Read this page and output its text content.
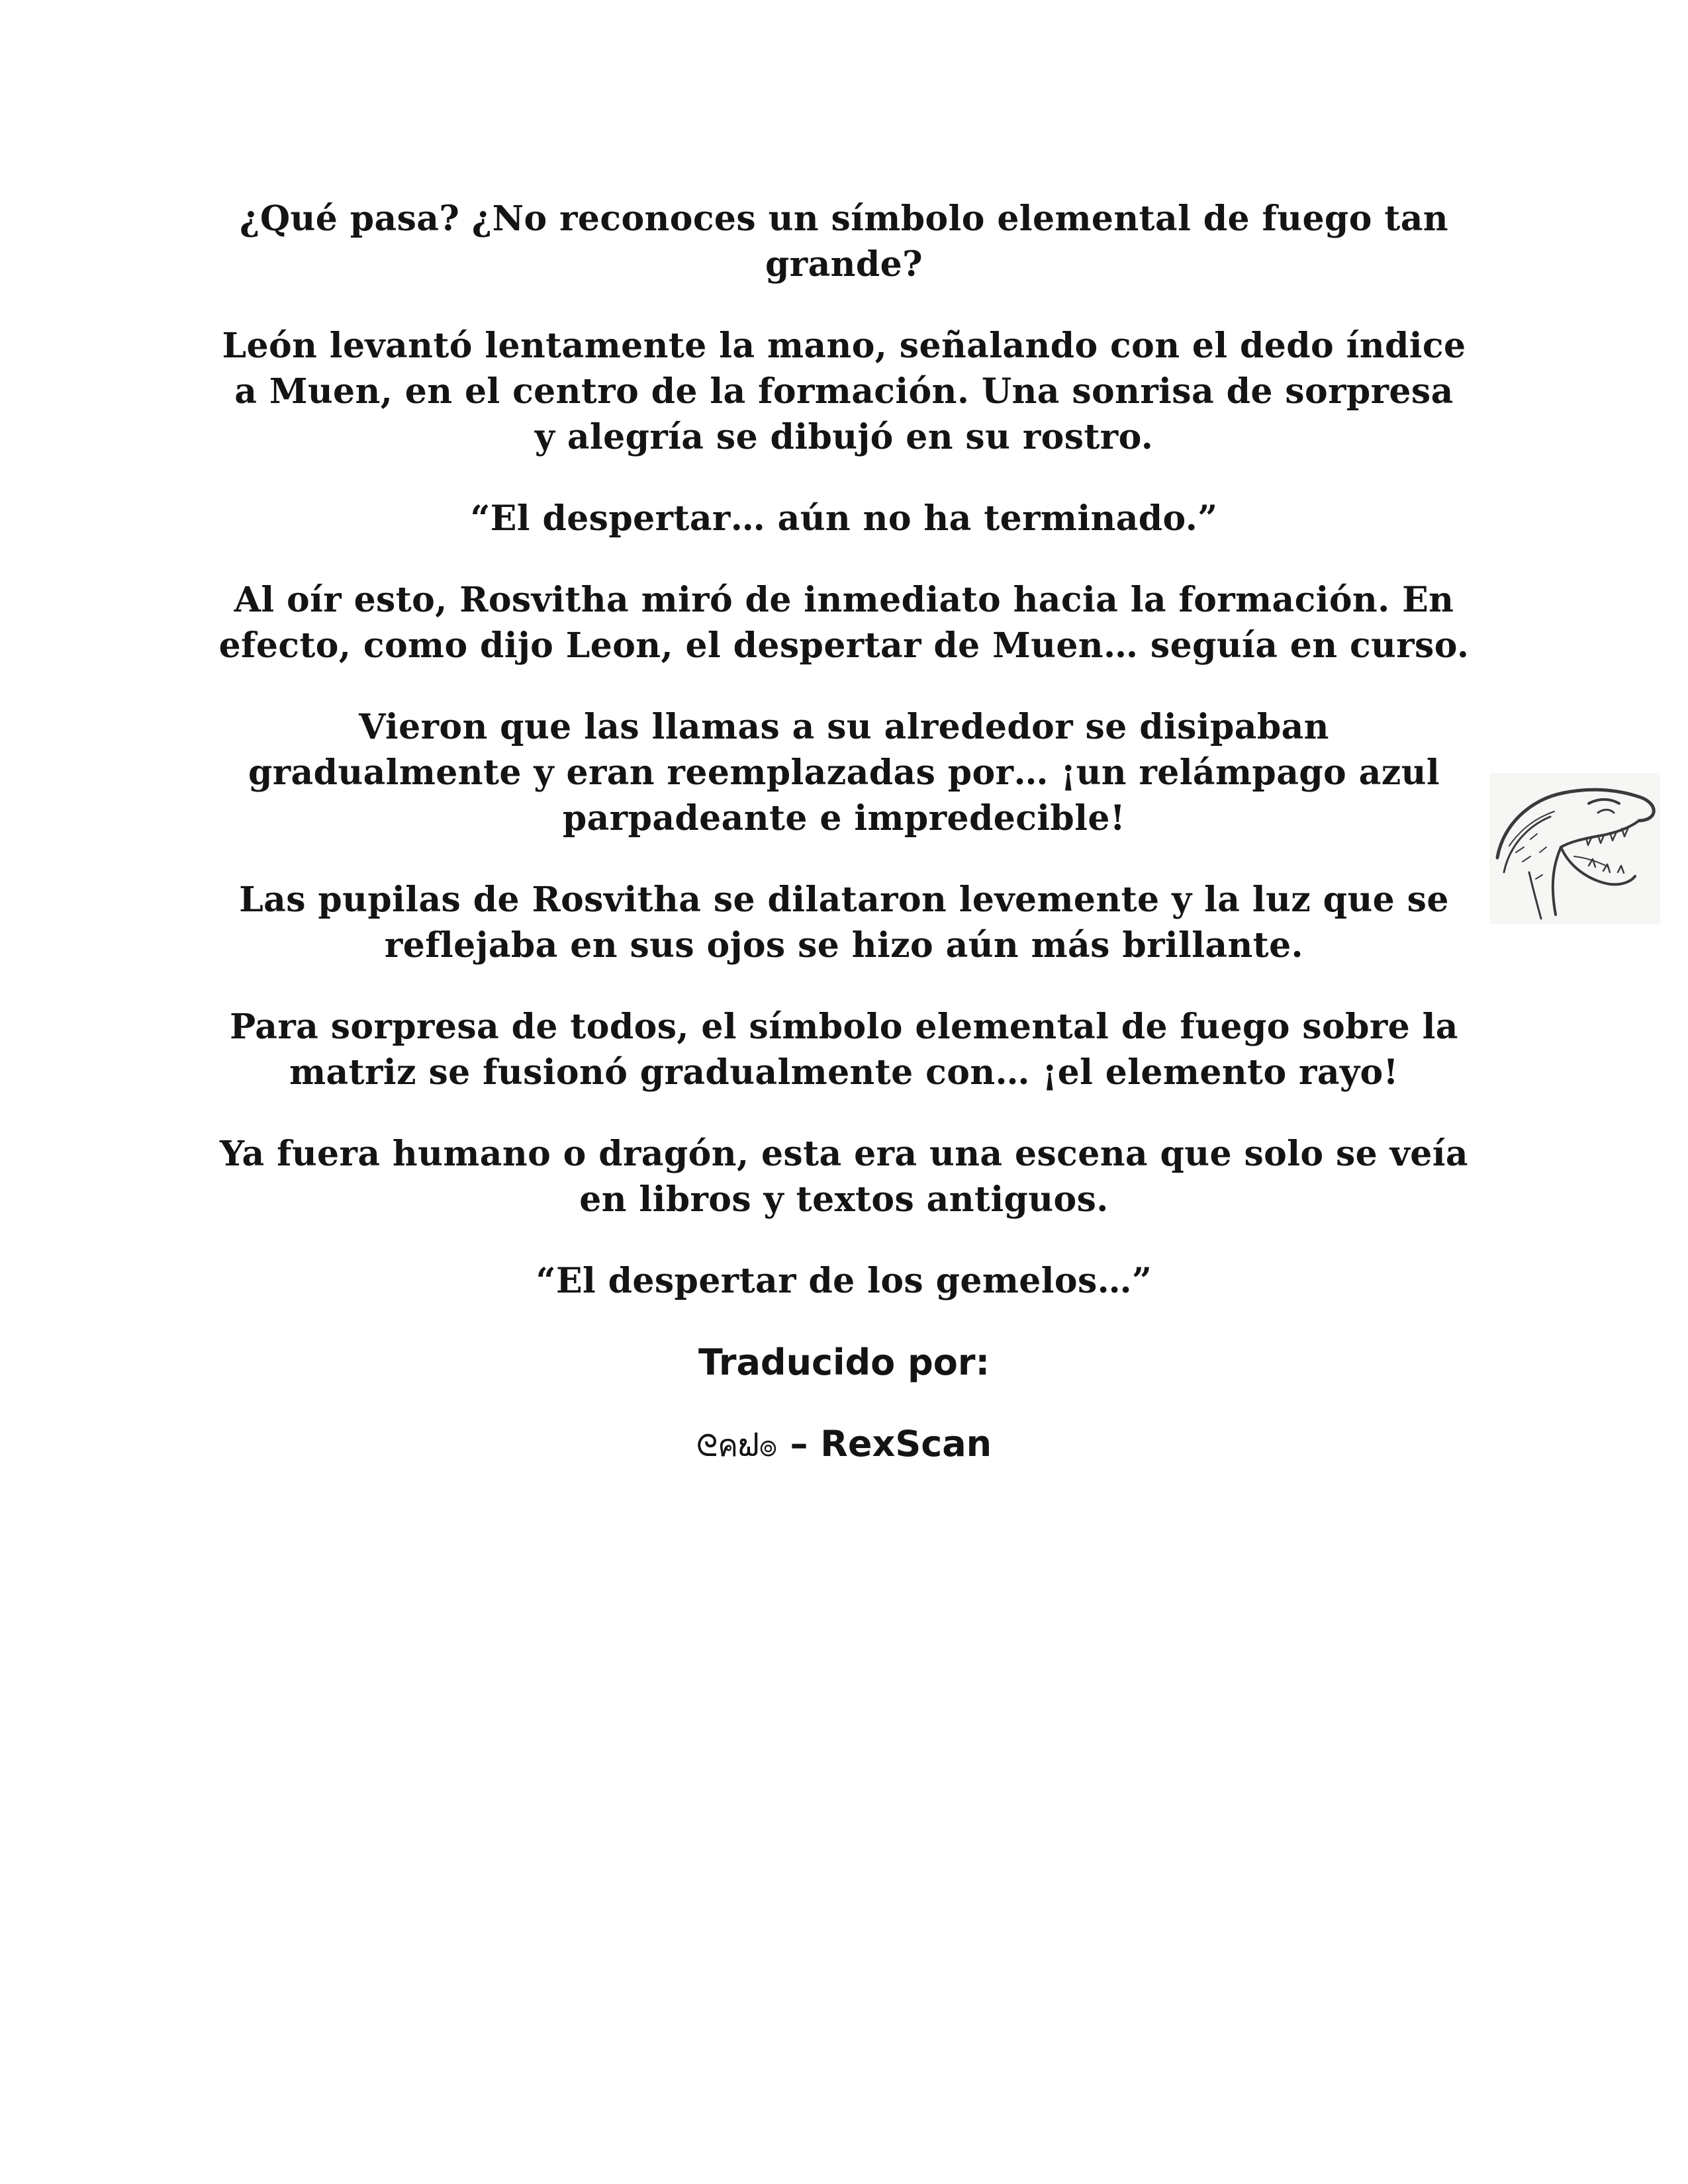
¿Qué pasa? ¿No reconoces un símbolo elemental de fuego tan grande?

León levantó lentamente la mano, señalando con el dedo índice a Muen, en el centro de la formación. Una sonrisa de sorpresa y alegría se dibujó en su rostro.

“El despertar… aún no ha terminado.”

Al oír esto, Rosvitha miró de inmediato hacia la formación. En efecto, como dijo Leon, el despertar de Muen… seguía en curso.

Vieron que las llamas a su alrededor se disipaban gradualmente y eran reemplazadas por… ¡un relámpago azul parpadeante e impredecible!

Las pupilas de Rosvitha se dilataron levemente y la luz que se reflejaba en sus ojos se hizo aún más brillante.

Para sorpresa de todos, el símbolo elemental de fuego sobre la matriz se fusionó gradualmente con… ¡el elemento rayo!

Ya fuera humano o dragón, esta era una escena que solo se veía en libros y textos antiguos.

“El despertar de los gemelos…”

Traducido por:

ᘓคຟ๏ – RexScan
